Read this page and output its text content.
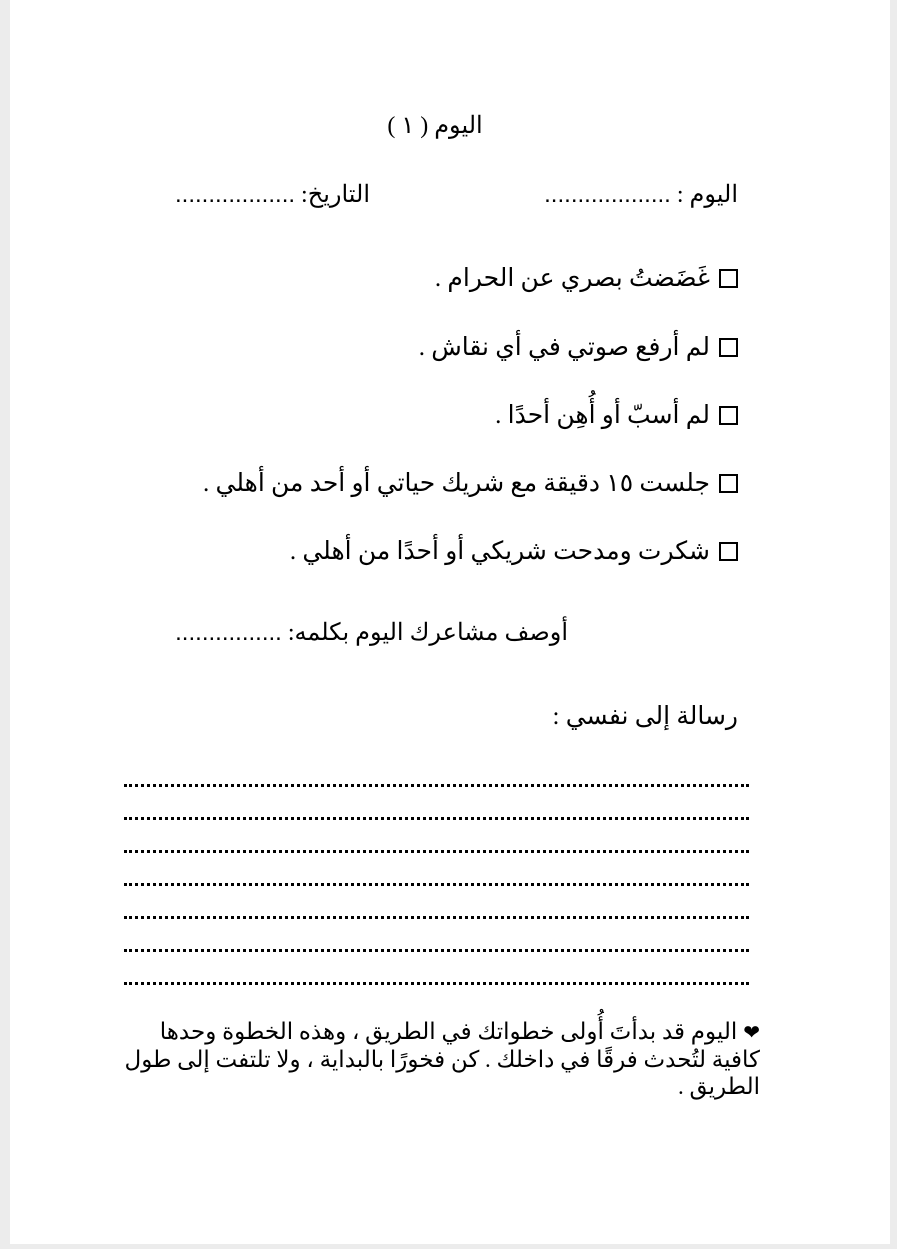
اليوم ( ١ )
اليوم : ...................
التاريخ: ..................
غَضَضتُ بصري عن الحرام .
لم أرفع صوتي في أي نقاش .
لم أسبّ أو أُهِن أحدًا .
جلست ١٥ دقيقة مع شريك حياتي أو أحد من أهلي .
شكرت ومدحت شريكي أو أحدًا من أهلي .
أوصف مشاعرك اليوم بكلمه: ................
رسالة إلى نفسي :
❤اليوم قد بدأتَ أُولى خطواتك في الطريق ، وهذه الخطوة وحدها كافية لتُحدث فرقًا في داخلك . كن فخورًا بالبداية ، ولا تلتفت إلى طول الطريق .
